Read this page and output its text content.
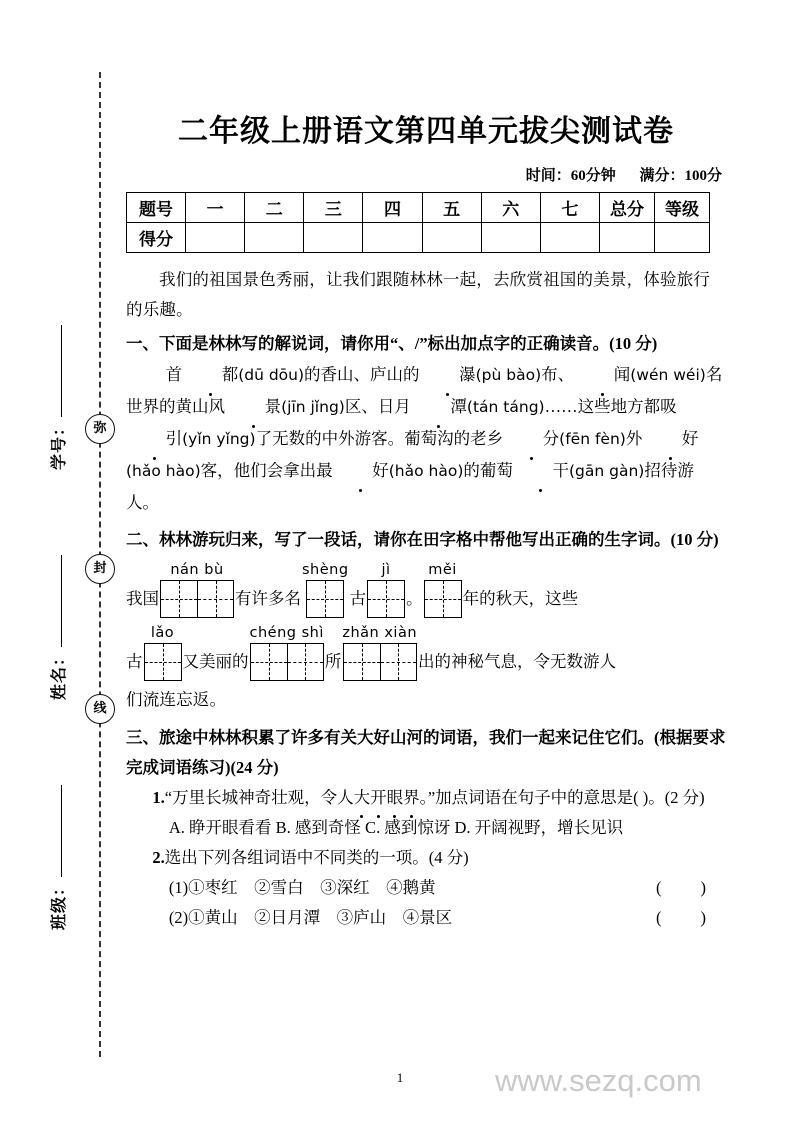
弥
封
线
学号：
姓名：
班级：
二年级上册语文第四单元拔尖测试卷
时间：60分钟 满分：100分
题号	一	二	三	四	五	六	七	总分	等级
得分									
我们的祖国景色秀丽，让我们跟随林林一起，去欣赏祖国的美景，体验旅行的乐趣。
一、下面是林林写的解说词，请你用“、/”标出加点字的正确读音。(10 分)
首 都(dū dōu)的香山、庐山的 瀑(pù bào)布、 闻(wén wéi)名世界的黄山风 景(jīn jǐng)区、日月 潭(tán táng)……这些地方都吸引(yǐn yǐng)了无数的中外游客。葡萄沟的老乡 分(fēn fèn)外 好(hǎo hào)客，他们会拿出最 好(hǎo hào)的葡萄 干(gān gàn)招待游人。
二、林林游玩归来，写了一段话，请你在田字格中帮他写出正确的生字词。(10 分)
我国
nán bù
有许多名
shèng
古
jì
。
měi
年的秋天，这些
古
lǎo
又美丽的
chéng shì
所
zhǎn xiàn
出的神秘气息，令无数游人
们流连忘返。
三、旅途中林林积累了许多有关大好山河的词语，我们一起来记住它们。(根据要求完成词语练习)(24 分)
1.“万里长城神奇壮观，令人大开眼界。”加点词语在句子中的意思是( )。(2 分)
A. 睁开眼看看 B. 感到奇怪 C. 感到惊讶 D. 开阔视野，增长见识
2.选出下列各组词语中不同类的一项。(4 分)
(1)①枣红　②雪白　③深红　④鹅黄	(　　)
(2)①黄山　②日月潭　③庐山　④景区	(　　)
1	www.sezq.com
